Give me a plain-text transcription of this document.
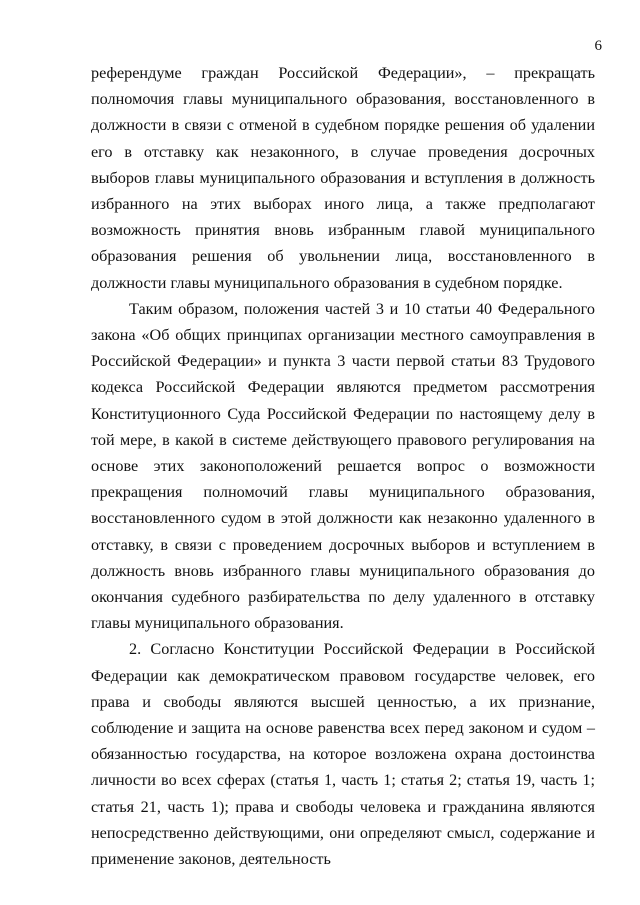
6

референдуме граждан Российской Федерации», – прекращать полномочия главы муниципального образования, восстановленного в должности в связи с отменой в судебном порядке решения об удалении его в отставку как незаконного, в случае проведения досрочных выборов главы муниципального образования и вступления в должность избранного на этих выборах иного лица, а также предполагают возможность принятия вновь избранным главой муниципального образования решения об увольнении лица, восстановленного в должности главы муниципального образования в судебном порядке.

Таким образом, положения частей 3 и 10 статьи 40 Федерального закона «Об общих принципах организации местного самоуправления в Российской Федерации» и пункта 3 части первой статьи 83 Трудового кодекса Российской Федерации являются предметом рассмотрения Конституционного Суда Российской Федерации по настоящему делу в той мере, в какой в системе действующего правового регулирования на основе этих законоположений решается вопрос о возможности прекращения полномочий главы муниципального образования, восстановленного судом в этой должности как незаконно удаленного в отставку, в связи с проведением досрочных выборов и вступлением в должность вновь избранного главы муниципального образования до окончания судебного разбирательства по делу удаленного в отставку главы муниципального образования.

2. Согласно Конституции Российской Федерации в Российской Федерации как демократическом правовом государстве человек, его права и свободы являются высшей ценностью, а их признание, соблюдение и защита на основе равенства всех перед законом и судом – обязанностью государства, на которое возложена охрана достоинства личности во всех сферах (статья 1, часть 1; статья 2; статья 19, часть 1; статья 21, часть 1); права и свободы человека и гражданина являются непосредственно действующими, они определяют смысл, содержание и применение законов, деятельность
